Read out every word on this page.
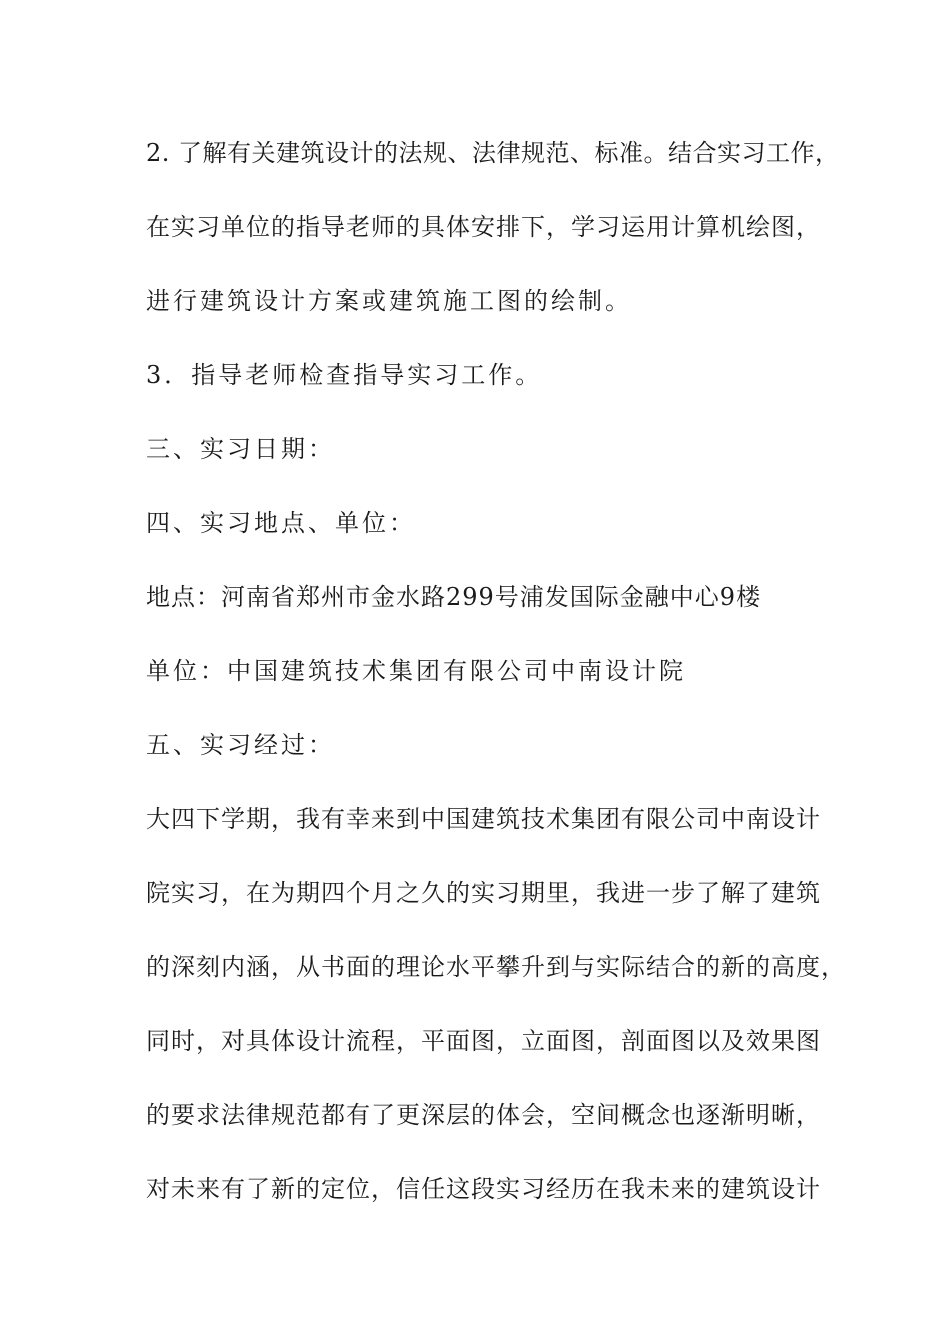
2. 了解有关建筑设计的法规、法律规范、标准。结合实习工作，

在实习单位的指导老师的具体安排下，学习运用计算机绘图，

进行建筑设计方案或建筑施工图的绘制。

3．指导老师检查指导实习工作。

三、实习日期：

四、实习地点、单位：

地点：河南省郑州市金水路299号浦发国际金融中心9楼

单位：中国建筑技术集团有限公司中南设计院

五、实习经过：

大四下学期，我有幸来到中国建筑技术集团有限公司中南设计

院实习，在为期四个月之久的实习期里，我进一步了解了建筑

的深刻内涵，从书面的理论水平攀升到与实际结合的新的高度，

同时，对具体设计流程，平面图，立面图，剖面图以及效果图

的要求法律规范都有了更深层的体会，空间概念也逐渐明晰，

对未来有了新的定位，信任这段实习经历在我未来的建筑设计
